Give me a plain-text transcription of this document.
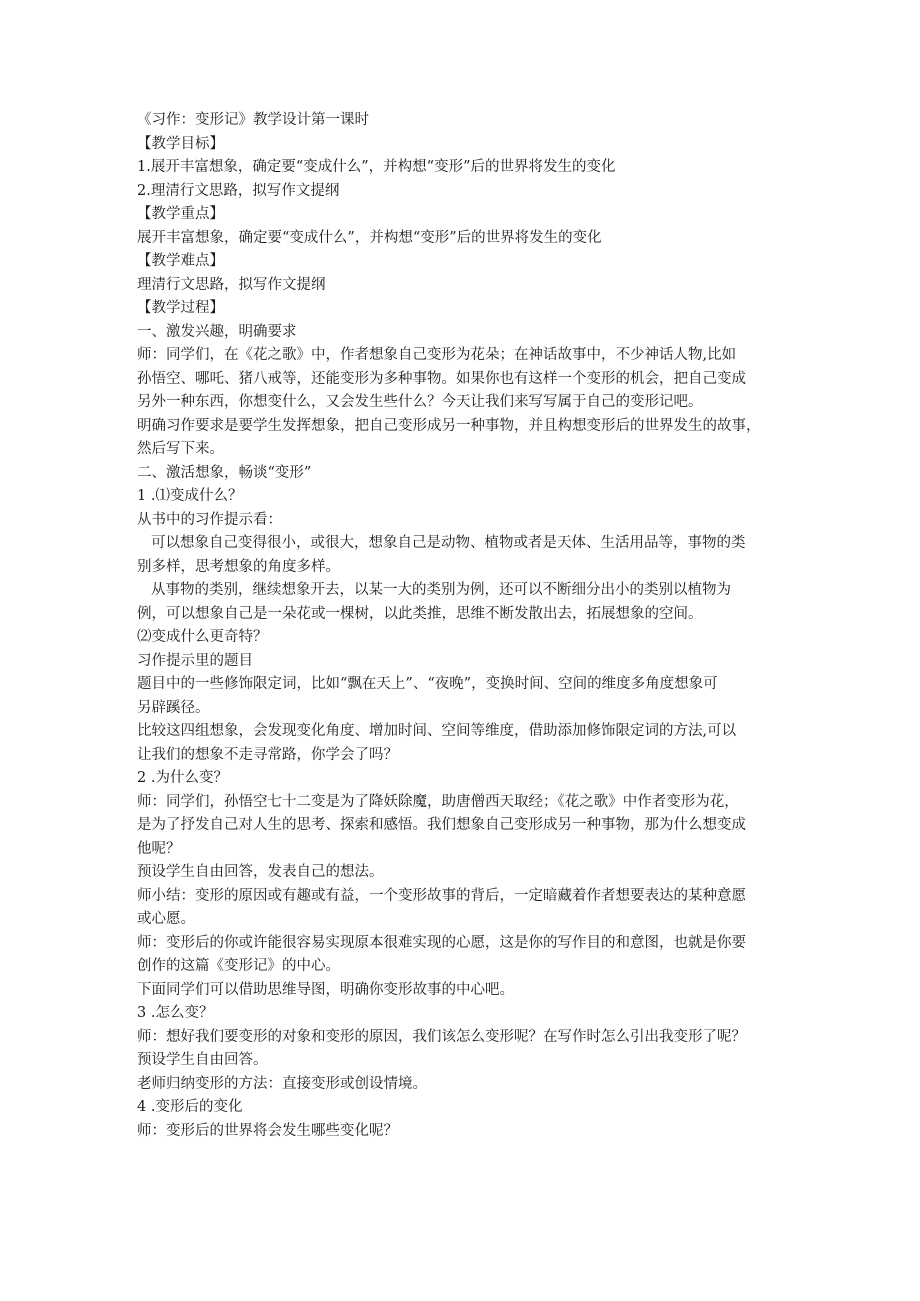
《习作：变形记》教学设计第一课时
【教学目标】
1.展开丰富想象，确定要“变成什么”，并构想“变形”后的世界将发生的变化
2.理清行文思路，拟写作文提纲
【教学重点】
展开丰富想象，确定要“变成什么”，并构想“变形”后的世界将发生的变化
【教学难点】
理清行文思路，拟写作文提纲
【教学过程】
一、激发兴趣，明确要求
师：同学们，在《花之歌》中，作者想象自己变形为花朵；在神话故事中，不少神话人物,比如
孙悟空、哪吒、猪八戒等，还能变形为多种事物。如果你也有这样一个变形的机会，把自己变成
另外一种东西，你想变什么，又会发生些什么？今天让我们来写写属于自己的变形记吧。
明确习作要求是要学生发挥想象，把自己变形成另一种事物，并且构想变形后的世界发生的故事，
然后写下来。
二、激活想象，畅谈“变形”
1 .⑴变成什么？
从书中的习作提示看：
可以想象自己变得很小，或很大，想象自己是动物、植物或者是天体、生活用品等，事物的类
别多样，思考想象的角度多样。
从事物的类别，继续想象开去，以某一大的类别为例，还可以不断细分出小的类别以植物为
例，可以想象自己是一朵花或一棵树，以此类推，思维不断发散出去，拓展想象的空间。
⑵变成什么更奇特？
习作提示里的题目
题目中的一些修饰限定词，比如“飘在天上”、“夜晚”，变换时间、空间的维度多角度想象可
另辟蹊径。
比较这四组想象，会发现变化角度、增加时间、空间等维度，借助添加修饰限定词的方法,可以
让我们的想象不走寻常路，你学会了吗？
2 .为什么变？
师：同学们，孙悟空七十二变是为了降妖除魔，助唐僧西天取经；《花之歌》中作者变形为花，
是为了抒发自己对人生的思考、探索和感悟。我们想象自己变形成另一种事物，那为什么想变成
他呢？
预设学生自由回答，发表自己的想法。
师小结：变形的原因或有趣或有益，一个变形故事的背后，一定暗藏着作者想要表达的某种意愿
或心愿。
师：变形后的你或许能很容易实现原本很难实现的心愿，这是你的写作目的和意图，也就是你要
创作的这篇《变形记》的中心。
下面同学们可以借助思维导图，明确你变形故事的中心吧。
3 .怎么变？
师：想好我们要变形的对象和变形的原因，我们该怎么变形呢？在写作时怎么引出我变形了呢？
预设学生自由回答。
老师归纳变形的方法：直接变形或创设情境。
4 .变形后的变化
师：变形后的世界将会发生哪些变化呢？
